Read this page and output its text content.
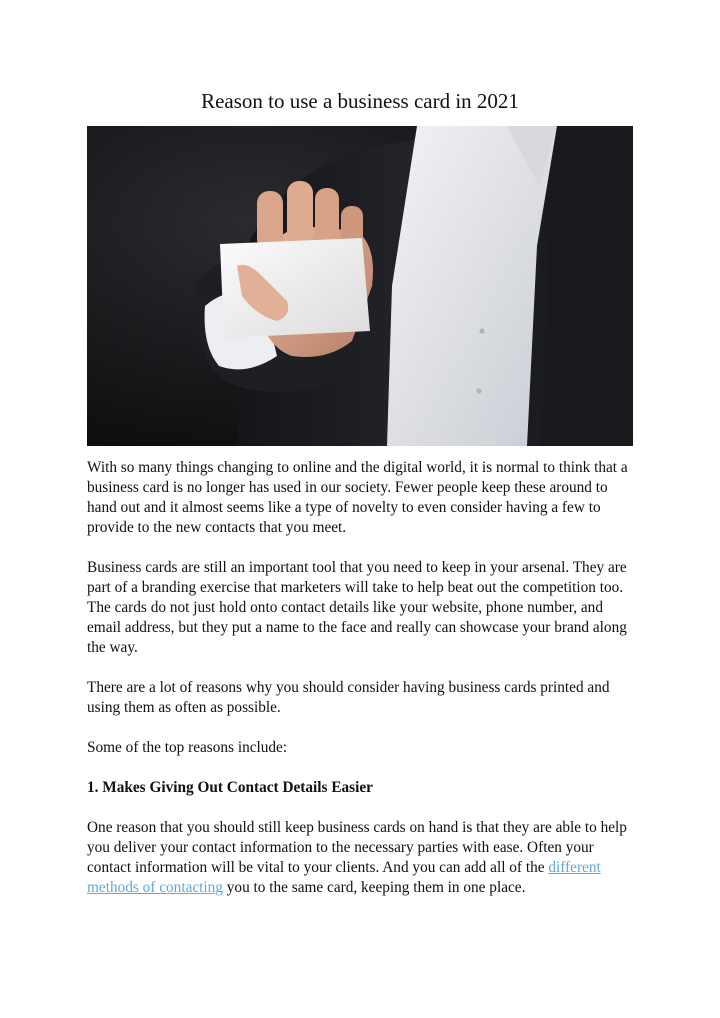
Reason to use a business card in 2021

With so many things changing to online and the digital world, it is normal to think that a business card is no longer has used in our society. Fewer people keep these around to hand out and it almost seems like a type of novelty to even consider having a few to provide to the new contacts that you meet.

Business cards are still an important tool that you need to keep in your arsenal. They are part of a branding exercise that marketers will take to help beat out the competition too. The cards do not just hold onto contact details like your website, phone number, and email address, but they put a name to the face and really can showcase your brand along the way.

There are a lot of reasons why you should consider having business cards printed and using them as often as possible.

Some of the top reasons include:

1. Makes Giving Out Contact Details Easier

One reason that you should still keep business cards on hand is that they are able to help you deliver your contact information to the necessary parties with ease. Often your contact information will be vital to your clients. And you can add all of the different methods of contacting you to the same card, keeping them in one place.
